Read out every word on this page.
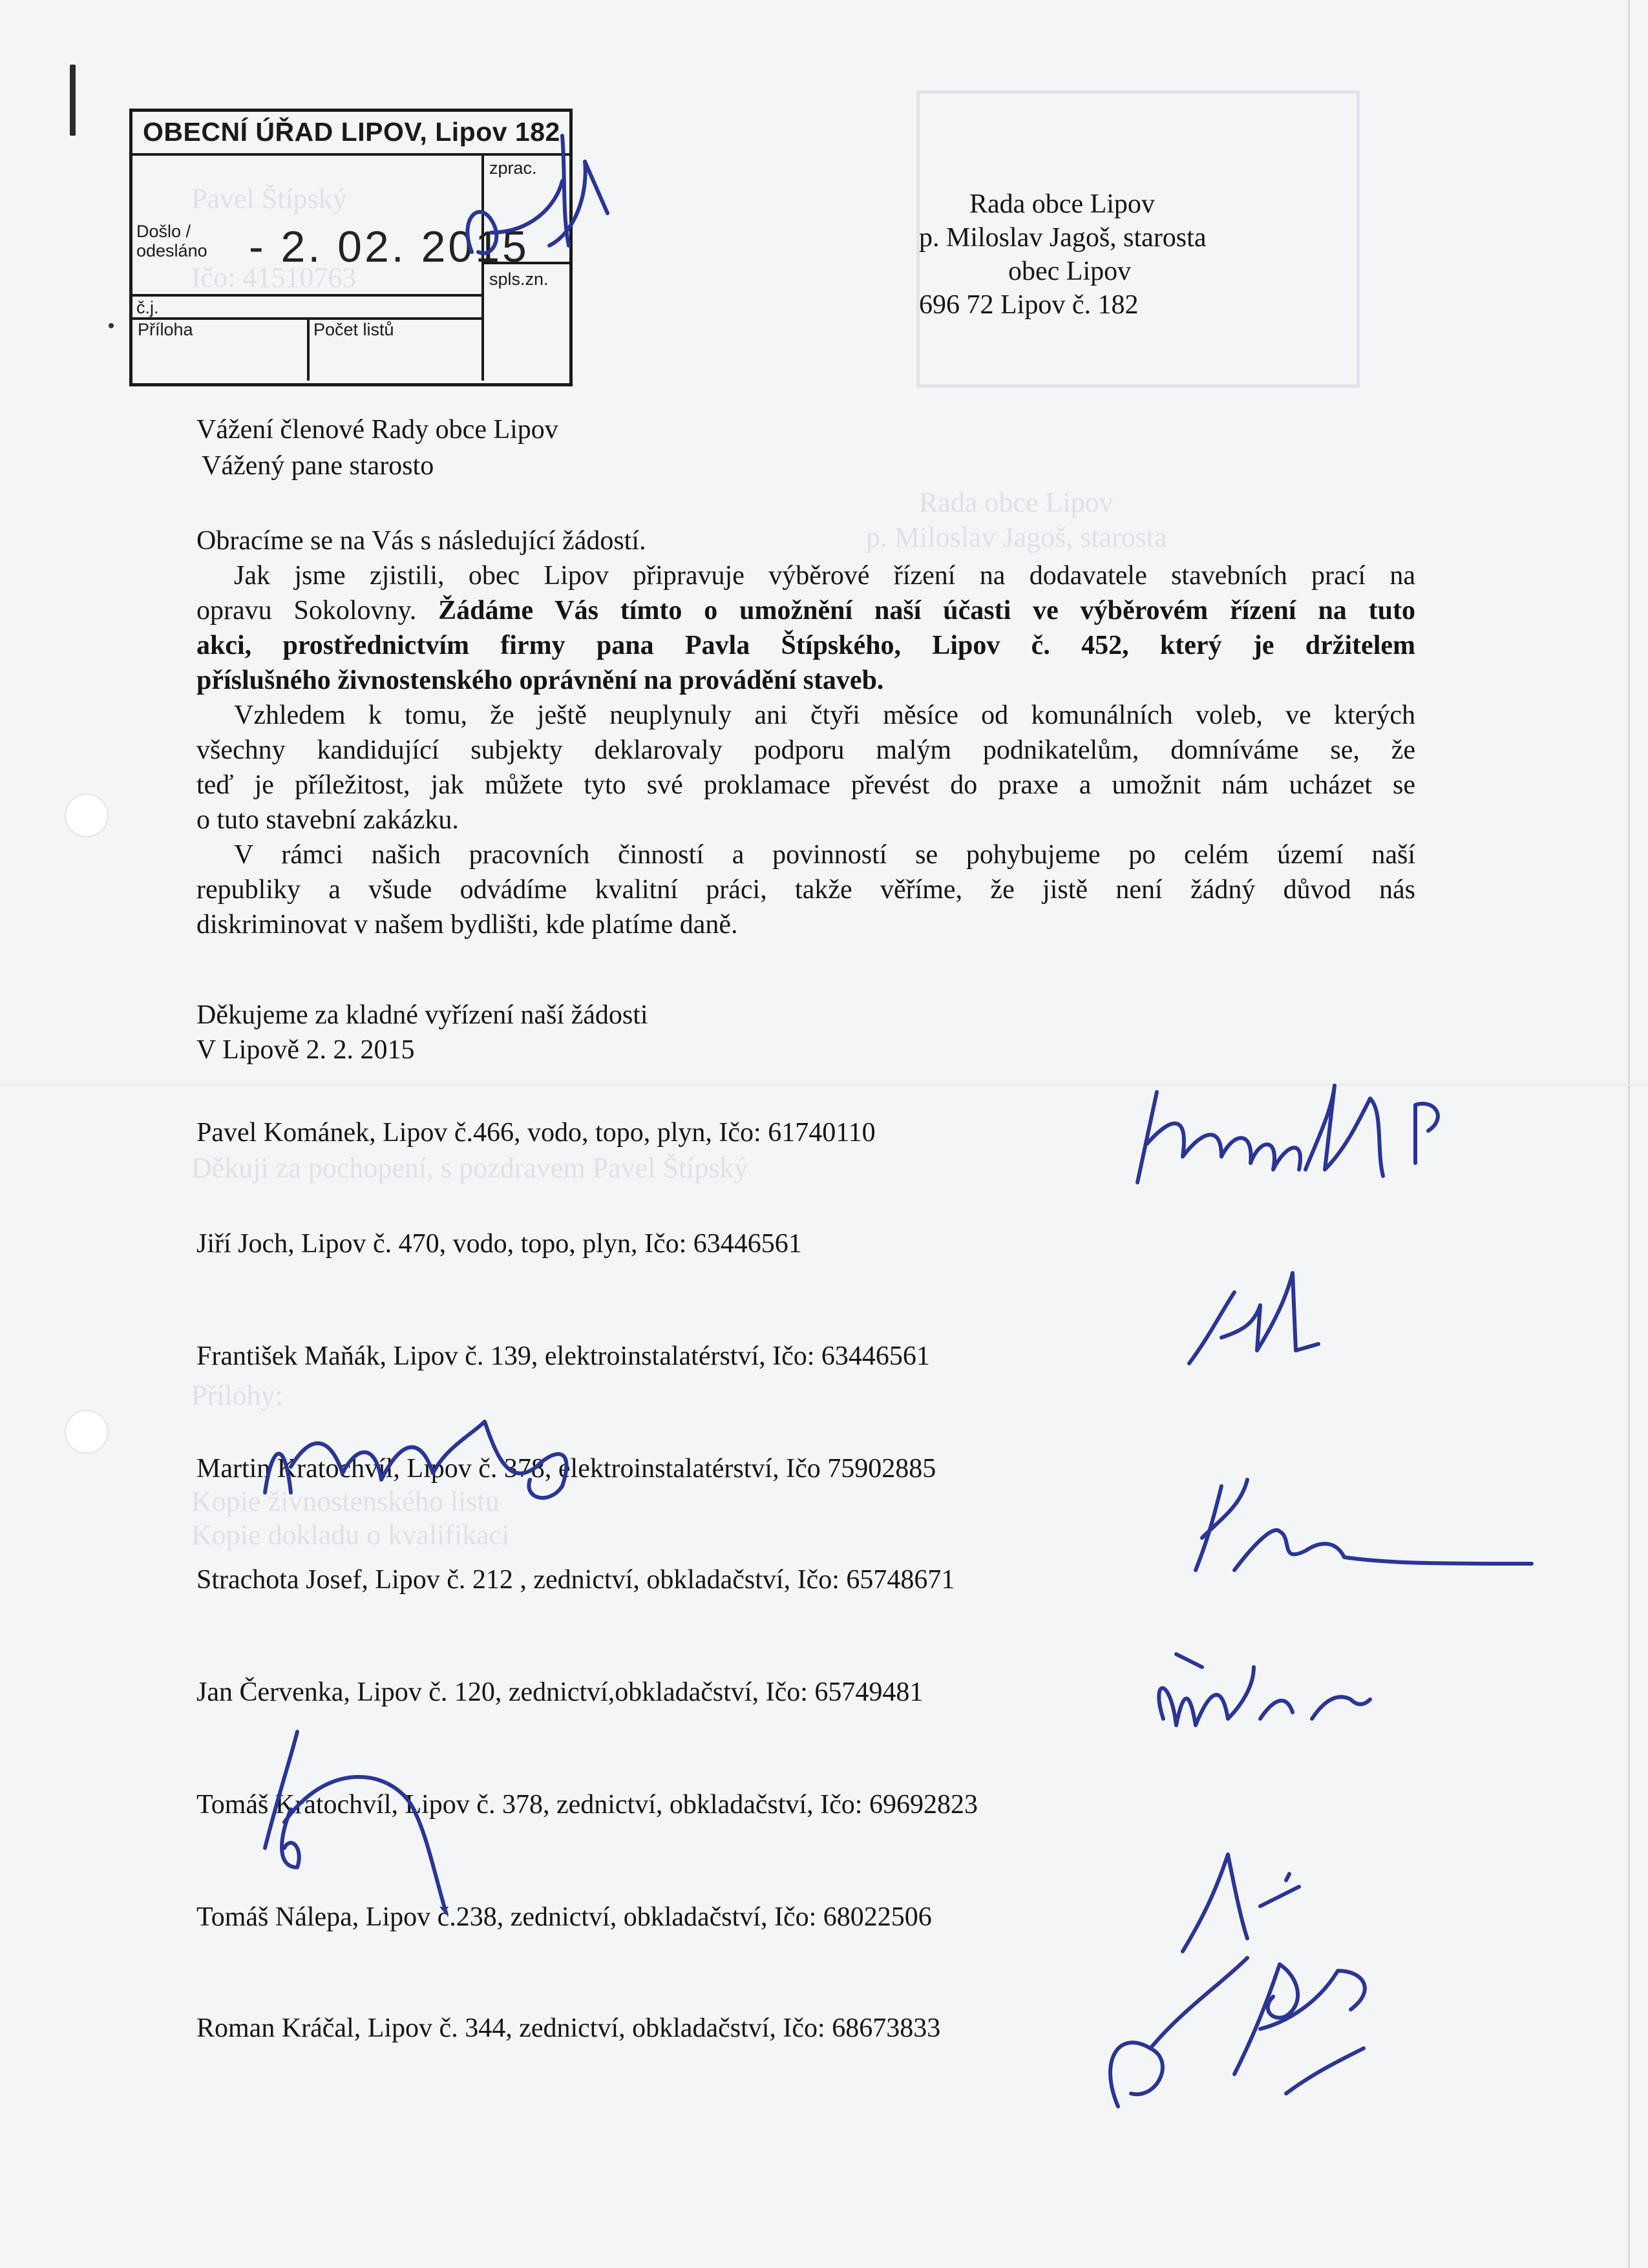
Pavel Štípský
Ičo: 41510763
Rada obce Lipov
p. Miloslav Jagoš, starosta
Děkuji za pochopení, s pozdravem Pavel Štípský
Přílohy:
Kopie živnostenského listu
Kopie dokladu o kvalifikaci
OBECNÍ ÚŘAD LIPOV, Lipov 182
zprac.
spls.zn.
Došlo /
odesláno - 2. 02. 2015
č.j.
Příloha	Počet listů
Rada obce Lipov
p. Miloslav Jagoš, starosta
obec Lipov
696 72 Lipov č. 182
Vážení členové Rady obce Lipov
Vážený pane starosto
Obracíme se na Vás s následující žádostí.
Jak jsme zjistili, obec Lipov připravuje výběrové řízení na dodavatele stavebních prací na
opravu Sokolovny. Žádáme Vás tímto o umožnění naší účasti ve výběrovém řízení na tuto
akci, prostřednictvím firmy pana Pavla Štípského, Lipov č. 452, který je držitelem
příslušného živnostenského oprávnění na provádění staveb.
Vzhledem k tomu, že ještě neuplynuly ani čtyři měsíce od komunálních voleb, ve kterých
všechny kandidující subjekty deklarovaly podporu malým podnikatelům, domníváme se, že
teď je příležitost, jak můžete tyto své proklamace převést do praxe a umožnit nám ucházet se
o tuto stavební zakázku.
V rámci našich pracovních činností a povinností se pohybujeme po celém území naší
republiky a všude odvádíme kvalitní práci, takže věříme, že jistě není žádný důvod nás
diskriminovat v našem bydlišti, kde platíme daně.
Děkujeme za kladné vyřízení naší žádosti
V Lipově 2. 2. 2015
Pavel Kománek, Lipov č.466, vodo, topo, plyn, Ičo: 61740110
Jiří Joch, Lipov č. 470, vodo, topo, plyn, Ičo: 63446561
František Maňák, Lipov č. 139, elektroinstalatérství, Ičo: 63446561
Martin Kratochvíl, Lipov č. 378, elektroinstalatérství, Ičo 75902885
Strachota Josef, Lipov č. 212 , zednictví, obkladačství, Ičo: 65748671
Jan Červenka, Lipov č. 120, zednictví,obkladačství, Ičo: 65749481
Tomáš Kratochvíl, Lipov č. 378, zednictví, obkladačství, Ičo: 69692823
Tomáš Nálepa, Lipov č.238, zednictví, obkladačství, Ičo: 68022506
Roman Kráčal, Lipov č. 344, zednictví, obkladačství, Ičo: 68673833
